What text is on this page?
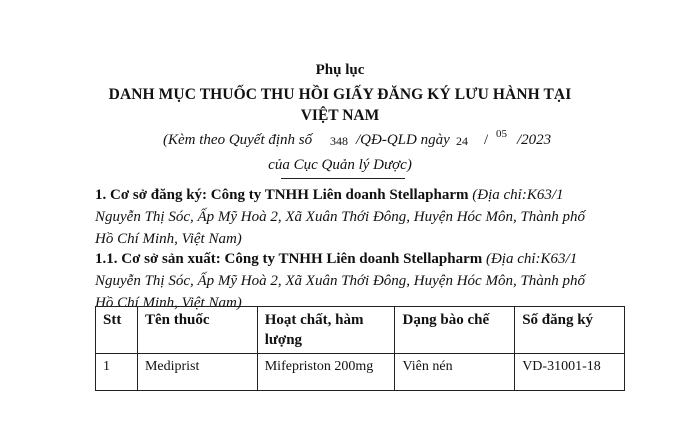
Phụ lục
DANH MỤC THUỐC THU HỒI GIẤY ĐĂNG KÝ LƯU HÀNH TẠI
VIỆT NAM
(Kèm theo Quyết định số 348 /QĐ-QLD ngày 24 / 05 /2023
của Cục Quản lý Dược)
1. Cơ sở đăng ký: Công ty TNHH Liên doanh Stellapharm (Địa chỉ:K63/1
Nguyễn Thị Sóc, Ấp Mỹ Hoà 2, Xã Xuân Thới Đông, Huyện Hóc Môn, Thành phố
Hồ Chí Minh, Việt Nam)
1.1. Cơ sở sản xuất: Công ty TNHH Liên doanh Stellapharm (Địa chỉ:K63/1
Nguyễn Thị Sóc, Ấp Mỹ Hoà 2, Xã Xuân Thới Đông, Huyện Hóc Môn, Thành phố
Hồ Chí Minh, Việt Nam)
Stt	Tên thuốc	Hoạt chất, hàm lượng	Dạng bào chế	Số đăng ký
1	Mediprist	Mifepriston 200mg	Viên nén	VD-31001-18
